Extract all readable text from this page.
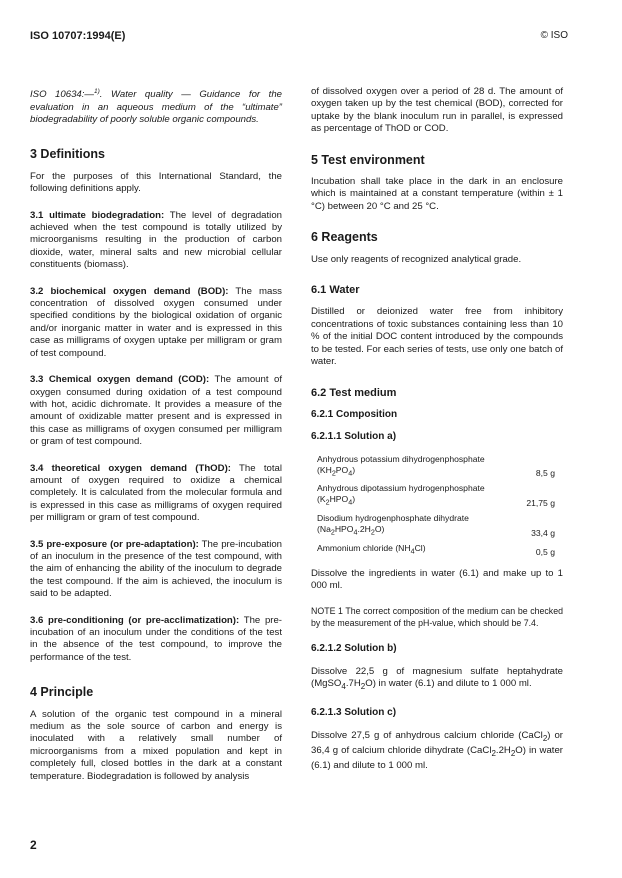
ISO 10707:1994(E)	© ISO

ISO 10634:—$^{1)}$. Water quality — Guidance for the evaluation in an aqueous medium of the “ultimate” biodegradability of poorly soluble organic compounds.

3 Definitions

For the purposes of this International Standard, the following definitions apply.

3.1 ultimate biodegradation: The level of degradation achieved when the test compound is totally utilized by microorganisms resulting in the production of carbon dioxide, water, mineral salts and new microbial cellular constituents (biomass).

3.2 biochemical oxygen demand (BOD): The mass concentration of dissolved oxygen consumed under specified conditions by the biological oxidation of organic and/or inorganic matter in water and is expressed in this case as milligrams of oxygen uptake per milligram or gram of test compound.

3.3 Chemical oxygen demand (COD): The amount of oxygen consumed during oxidation of a test compound with hot, acidic dichromate. It provides a measure of the amount of oxidizable matter present and is expressed in this case as milligrams of oxygen consumed per milligram or gram of test compound.

3.4 theoretical oxygen demand (ThOD): The total amount of oxygen required to oxidize a chemical completely. It is calculated from the molecular formula and is expressed in this case as milligrams of oxygen required per milligram or gram of test compound.

3.5 pre-exposure (or pre-adaptation): The pre-incubation of an inoculum in the presence of the test compound, with the aim of enhancing the ability of the inoculum to degrade the test compound. If the aim is achieved, the inoculum is said to be adapted.

3.6 pre-conditioning (or pre-acclimatization): The pre-incubation of an inoculum under the conditions of the test in the absence of the test compound, to improve the performance of the test.

4 Principle

A solution of the organic test compound in a mineral medium as the sole source of carbon and energy is inoculated with a relatively small number of microorganisms from a mixed population and kept in completely full, closed bottles in the dark at a constant temperature. Biodegradation is followed by analysis

of dissolved oxygen over a period of 28 d. The amount of oxygen taken up by the test chemical (BOD), corrected for uptake by the blank inoculum run in parallel, is expressed as percentage of ThOD or COD.

5 Test environment

Incubation shall take place in the dark in an enclosure which is maintained at a constant temperature (within ± 1 °C) between 20 °C and 25 °C.

6 Reagents

Use only reagents of recognized analytical grade.

6.1 Water

Distilled or deionized water free from inhibitory concentrations of toxic substances containing less than 10 % of the initial DOC content introduced by the compounds to be tested. For each series of tests, use only one batch of water.

6.2 Test medium
6.2.1 Composition
6.2.1.1 Solution a)
Anhydrous potassium dihydrogenphosphate	
$(KH_2PO_4)$	8,5 g
Anhydrous dipotassium hydrogenphosphate	
$(K_2HPO_4)$	21,75 g
Disodium hydrogenphosphate dihydrate	
$(Na_2HPO_4.2H_2O)$	33,4 g
Ammonium chloride $(NH_4Cl)$	0,5 g

Dissolve the ingredients in water (6.1) and make up to 1 000 ml.

NOTE 1 The correct composition of the medium can be checked by the measurement of the pH-value, which should be 7.4.

6.2.1.2 Solution b)

Dissolve 22,5 g of magnesium sulfate heptahydrate $(MgSO_4.7H_2O)$ in water (6.1) and dilute to 1 000 ml.

6.2.1.3 Solution c)

Dissolve 27,5 g of anhydrous calcium chloride (CaCl$_2$) or 36,4 g of calcium chloride dihydrate $(CaCl_2.2H_2O)$ in water (6.1) and dilute to 1 000 ml.

2
